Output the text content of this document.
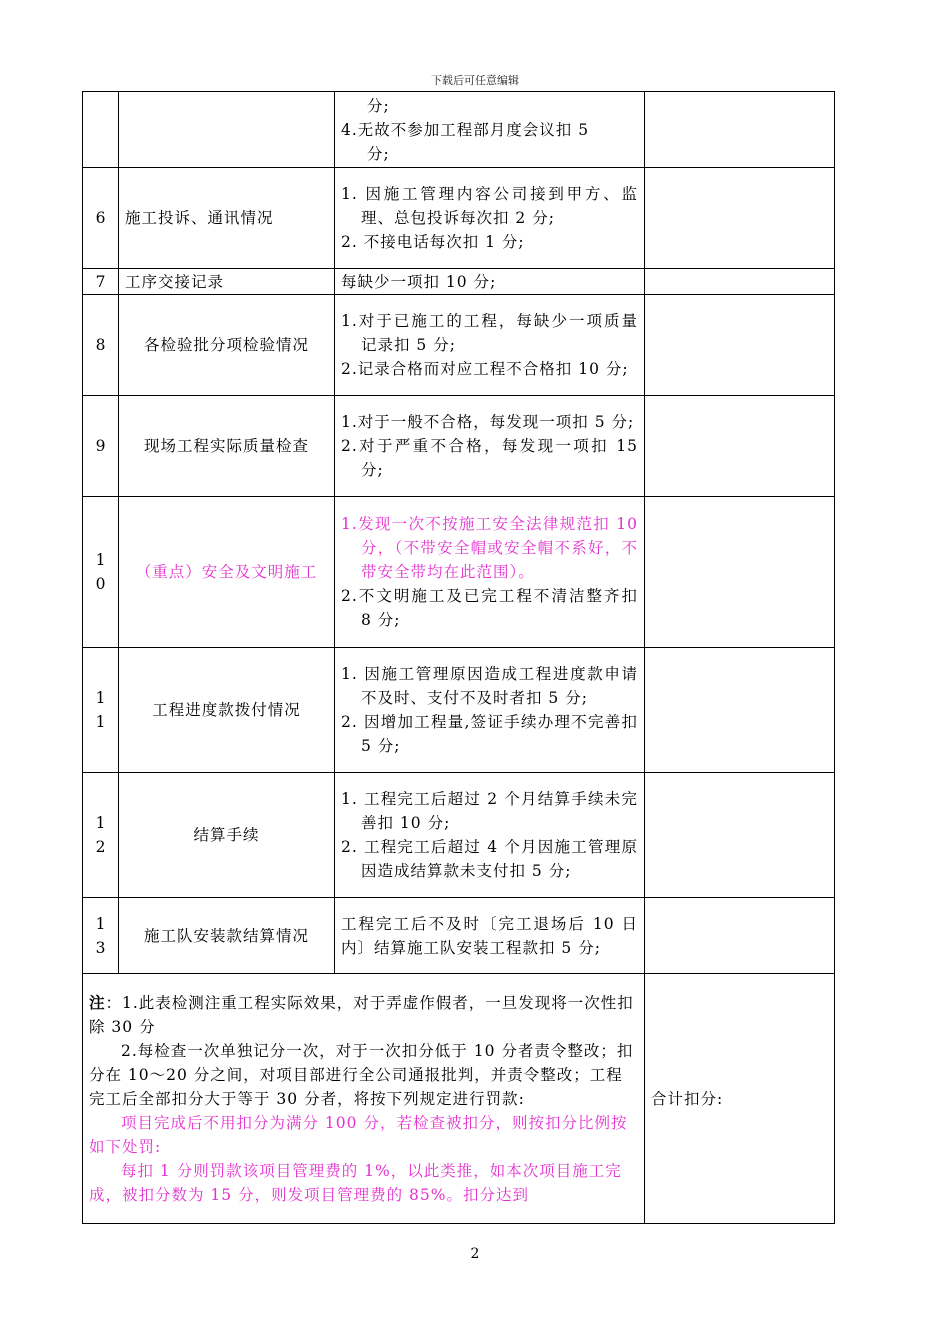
下载后可任意编辑

		分;
4.无故不参加工程部月度会议扣 5
分;	

6	施工投诉、通讯情况	1. 因施工管理内容公司接到甲方、监理、总包投诉每次扣 2 分;
2. 不接电话每次扣 1 分;	

7	工序交接记录	每缺少一项扣 10 分;	

8	各检验批分项检验情况	1.对于已施工的工程，每缺少一项质量记录扣 5 分;
2.记录合格而对应工程不合格扣 10 分;	

9	现场工程实际质量检查	1.对于一般不合格，每发现一项扣 5 分;
2.对于严重不合格，每发现一项扣 15 分;	

10	（重点）安全及文明施工	1.发现一次不按施工安全法律规范扣 10 分，（不带安全帽或安全帽不系好，不带安全带均在此范围）。
2.不文明施工及已完工程不清洁整齐扣 8 分;	

11	工程进度款拨付情况	1. 因施工管理原因造成工程进度款申请不及时、支付不及时者扣 5 分;
2. 因增加工程量,签证手续办理不完善扣 5 分;	

12	结算手续	1. 工程完工后超过 2 个月结算手续未完善扣 10 分;
2. 工程完工后超过 4 个月因施工管理原因造成结算款未支付扣 5 分;	

13	施工队安装款结算情况	工程完工后不及时〔完工退场后 10 日内〕结算施工队安装工程款扣 5 分;	

注：1.此表检测注重工程实际效果，对于弄虚作假者，一旦发现将一次性扣除 30 分
2.每检查一次单独记分一次，对于一次扣分低于 10 分者责令整改；扣分在 10～20 分之间，对项目部进行全公司通报批判，并责令整改；工程完工后全部扣分大于等于 30 分者，将按下列规定进行罚款:
项目完成后不用扣分为满分 100 分，若检查被扣分，则按扣分比例按如下处罚:
每扣 1 分则罚款该项目管理费的 1%，以此类推，如本次项目施工完成，被扣分数为 15 分，则发项目管理费的 85%。扣分达到			合计扣分:
2
